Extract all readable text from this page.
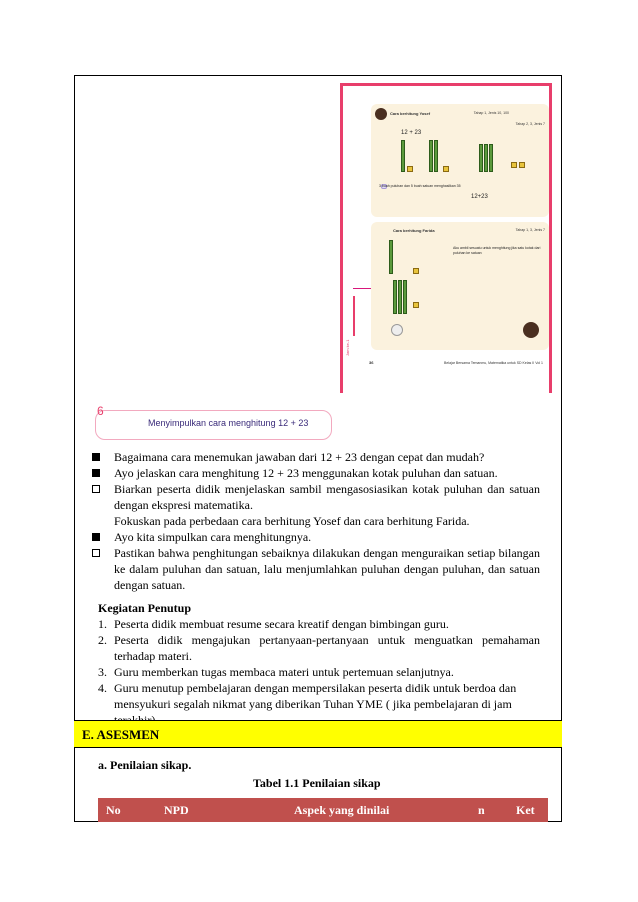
Jam ke-1
Cara berhitung Yosef	Tahap 1, Jenis 10, 100
Tahap 2, 3, Jenis 7
12 + 23
3 buah puluhan dan 5 buah satuan menghasilkan 35
12+23
Cara berhitung Farida	Tahap 1, 3, Jenis 7
Aku ambil sesuatu untuk menghitung jika satu kotak dari puluhan ke satuan
36	Belajar Bersama Temanmu, Matematika untuk SD Kelas II Vol 1
Menyimpulkan cara menghitung 12 + 23
6
Bagaimana cara menemukan jawaban dari 12 + 23 dengan cepat dan mudah?
Ayo jelaskan cara menghitung 12 + 23 menggunakan kotak puluhan dan satuan.
Biarkan peserta didik menjelaskan sambil mengasosiasikan kotak puluhan dan satuan dengan ekspresi matematika.
Fokuskan pada perbedaan cara berhitung Yosef dan cara berhitung Farida.
Ayo kita simpulkan cara menghitungnya.
Pastikan bahwa penghitungan sebaiknya dilakukan dengan menguraikan setiap bilangan ke dalam puluhan dan satuan, lalu menjumlahkan puluhan dengan puluhan, dan satuan dengan satuan.
Kegiatan Penutup
1. Peserta didik membuat resume secara kreatif dengan bimbingan guru.
2. Peserta didik mengajukan pertanyaan-pertanyaan untuk menguatkan pemahaman terhadap materi.
3. Guru memberkan tugas membaca materi untuk pertemuan selanjutnya.
4. Guru menutup pembelajaran dengan mempersilakan peserta didik untuk berdoa dan mensyukuri segalah nikmat yang diberikan Tuhan YME ( jika pembelajaran di jam
E. ASESMEN
a. Penilaian sikap.
Tabel 1.1 Penilaian sikap
No	NPD	Aspek yang dinilai	n	Ket
